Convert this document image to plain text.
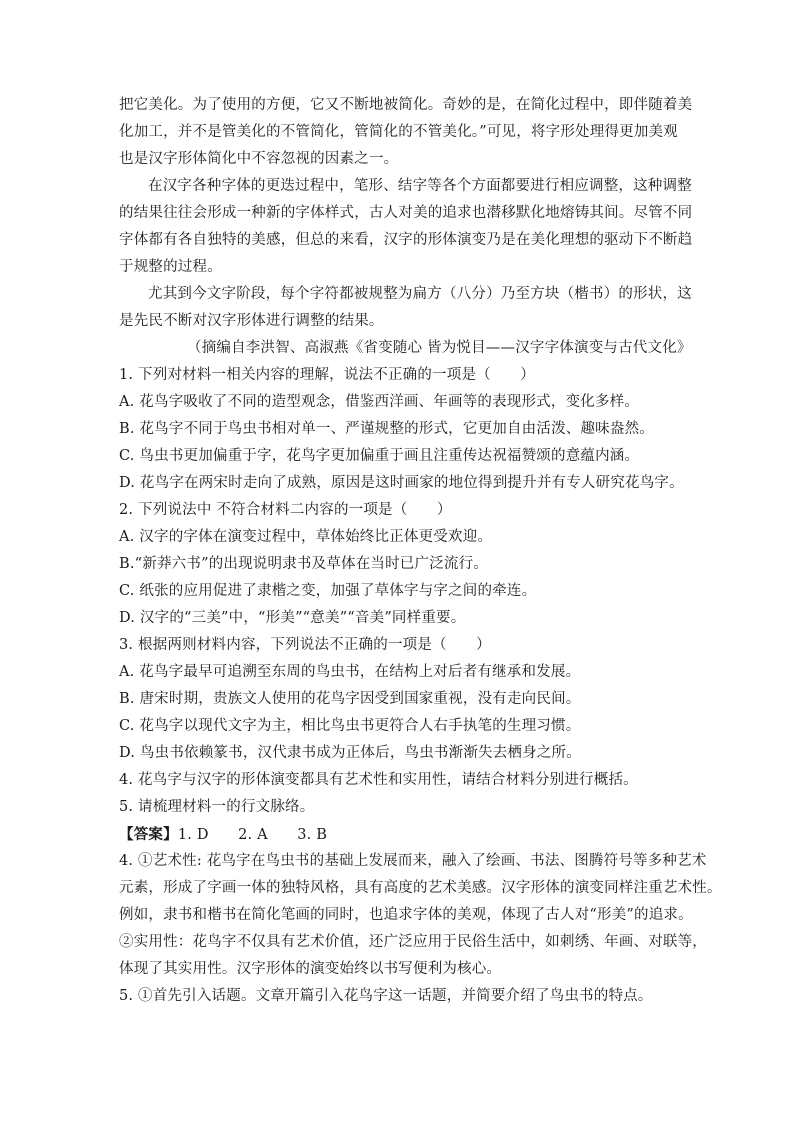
把它美化。为了使用的方便，它又不断地被简化。奇妙的是，在简化过程中，即伴随着美
化加工，并不是管美化的不管简化，管简化的不管美化。”可见，将字形处理得更加美观
也是汉字形体简化中不容忽视的因素之一。
在汉字各种字体的更迭过程中，笔形、结字等各个方面都要进行相应调整，这种调整
的结果往往会形成一种新的字体样式，古人对美的追求也潜移默化地熔铸其间。尽管不同
字体都有各自独特的美感，但总的来看，汉字的形体演变乃是在美化理想的驱动下不断趋
于规整的过程。
尤其到今文字阶段，每个字符都被规整为扁方（八分）乃至方块（楷书）的形状，这
是先民不断对汉字形体进行调整的结果。
（摘编自李洪智、高淑燕《省变随心 皆为悦目——汉字字体演变与古代文化》
1. 下列对材料一相关内容的理解，说法不正确的一项是（　　）
A. 花鸟字吸收了不同的造型观念，借鉴西洋画、年画等的表现形式，变化多样。
B. 花鸟字不同于鸟虫书相对单一、严谨规整的形式，它更加自由活泼、趣味盎然。
C. 鸟虫书更加偏重于字，花鸟字更加偏重于画且注重传达祝福赞颂的意蕴内涵。
D. 花鸟字在两宋时走向了成熟，原因是这时画家的地位得到提升并有专人研究花鸟字。
2. 下列说法中 不符合材料二内容的一项是（　　）
A. 汉字的字体在演变过程中，草体始终比正体更受欢迎。
B.“新莽六书”的出现说明隶书及草体在当时已广泛流行。
C. 纸张的应用促进了隶楷之变，加强了草体字与字之间的牵连。
D. 汉字的“三美”中，“形美”“意美”“音美”同样重要。
3. 根据两则材料内容，下列说法不正确的一项是（　　）
A. 花鸟字最早可追溯至东周的鸟虫书，在结构上对后者有继承和发展。
B. 唐宋时期，贵族文人使用的花鸟字因受到国家重视，没有走向民间。
C. 花鸟字以现代文字为主，相比鸟虫书更符合人右手执笔的生理习惯。
D. 鸟虫书依赖篆书，汉代隶书成为正体后，鸟虫书渐渐失去栖身之所。
4. 花鸟字与汉字的形体演变都具有艺术性和实用性，请结合材料分别进行概括。
5. 请梳理材料一的行文脉络。
【答案】1. D　　2. A　　3. B
4. ①艺术性: 花鸟字在鸟虫书的基础上发展而来，融入了绘画、书法、图腾符号等多种艺术
元素，形成了字画一体的独特风格，具有高度的艺术美感。汉字形体的演变同样注重艺术性。
例如，隶书和楷书在简化笔画的同时，也追求字体的美观，体现了古人对“形美”的追求。
②实用性：花鸟字不仅具有艺术价值，还广泛应用于民俗生活中，如刺绣、年画、对联等，
体现了其实用性。汉字形体的演变始终以书写便利为核心。
5. ①首先引入话题。文章开篇引入花鸟字这一话题，并简要介绍了鸟虫书的特点。
